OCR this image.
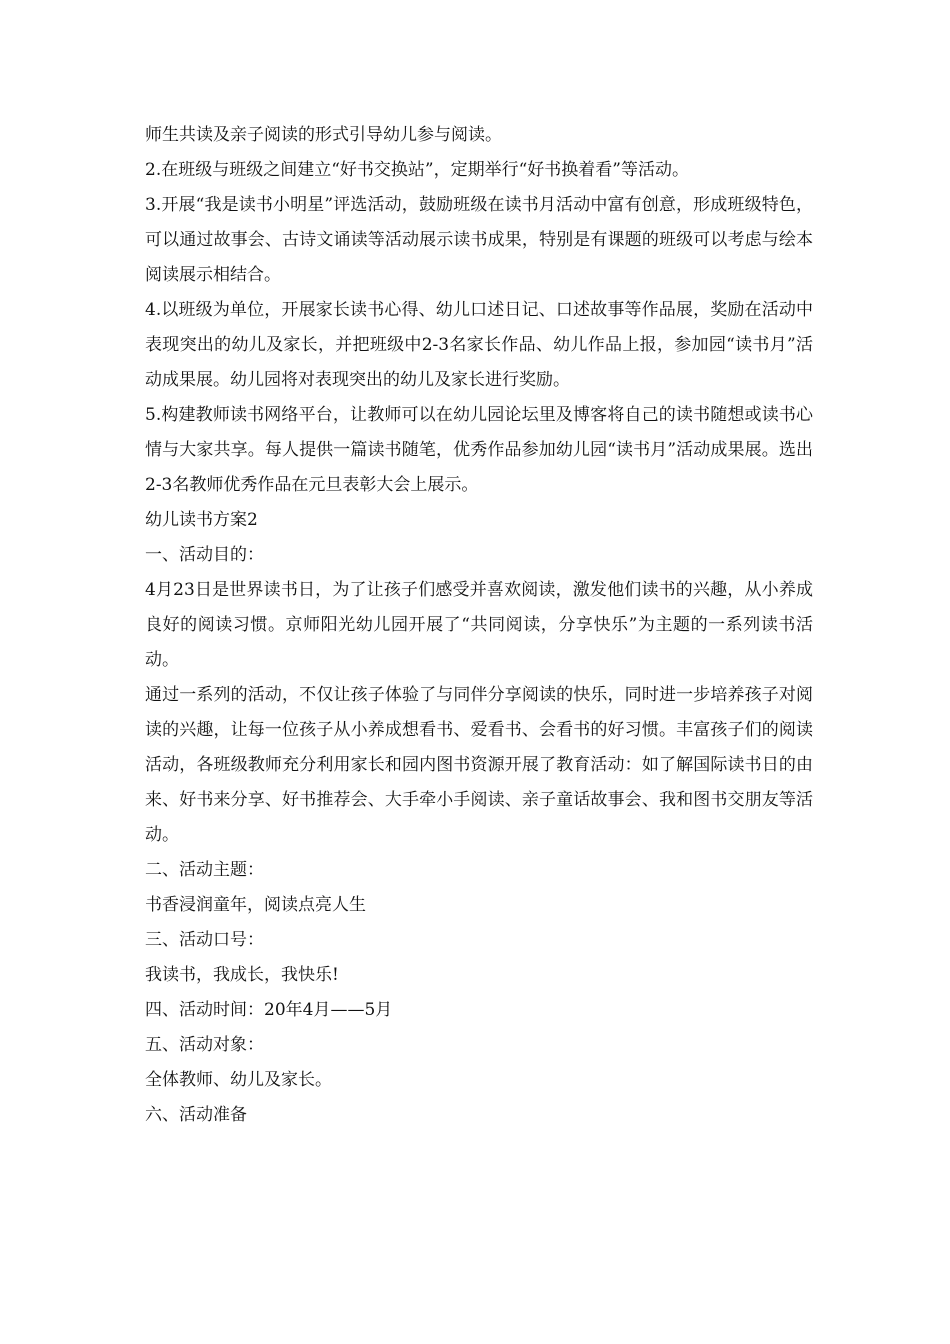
师生共读及亲子阅读的形式引导幼儿参与阅读。

2.在班级与班级之间建立“好书交换站”，定期举行“好书换着看”等活动。

3.开展“我是读书小明星”评选活动，鼓励班级在读书月活动中富有创意，形成班级特色，可以通过故事会、古诗文诵读等活动展示读书成果，特别是有课题的班级可以考虑与绘本阅读展示相结合。

4.以班级为单位，开展家长读书心得、幼儿口述日记、口述故事等作品展，奖励在活动中表现突出的幼儿及家长，并把班级中2-3名家长作品、幼儿作品上报，参加园“读书月”活动成果展。幼儿园将对表现突出的幼儿及家长进行奖励。

5.构建教师读书网络平台，让教师可以在幼儿园论坛里及博客将自己的读书随想或读书心情与大家共享。每人提供一篇读书随笔，优秀作品参加幼儿园“读书月”活动成果展。选出2-3名教师优秀作品在元旦表彰大会上展示。

幼儿读书方案2

一、活动目的：

4月23日是世界读书日，为了让孩子们感受并喜欢阅读，激发他们读书的兴趣，从小养成良好的阅读习惯。京师阳光幼儿园开展了“共同阅读，分享快乐”为主题的一系列读书活动。

通过一系列的活动，不仅让孩子体验了与同伴分享阅读的快乐，同时进一步培养孩子对阅读的兴趣，让每一位孩子从小养成想看书、爱看书、会看书的好习惯。丰富孩子们的阅读活动，各班级教师充分利用家长和园内图书资源开展了教育活动：如了解国际读书日的由来、好书来分享、好书推荐会、大手牵小手阅读、亲子童话故事会、我和图书交朋友等活动。

二、活动主题：

书香浸润童年，阅读点亮人生

三、活动口号：

我读书，我成长，我快乐!

四、活动时间：20年4月——5月

五、活动对象：

全体教师、幼儿及家长。

六、活动准备
